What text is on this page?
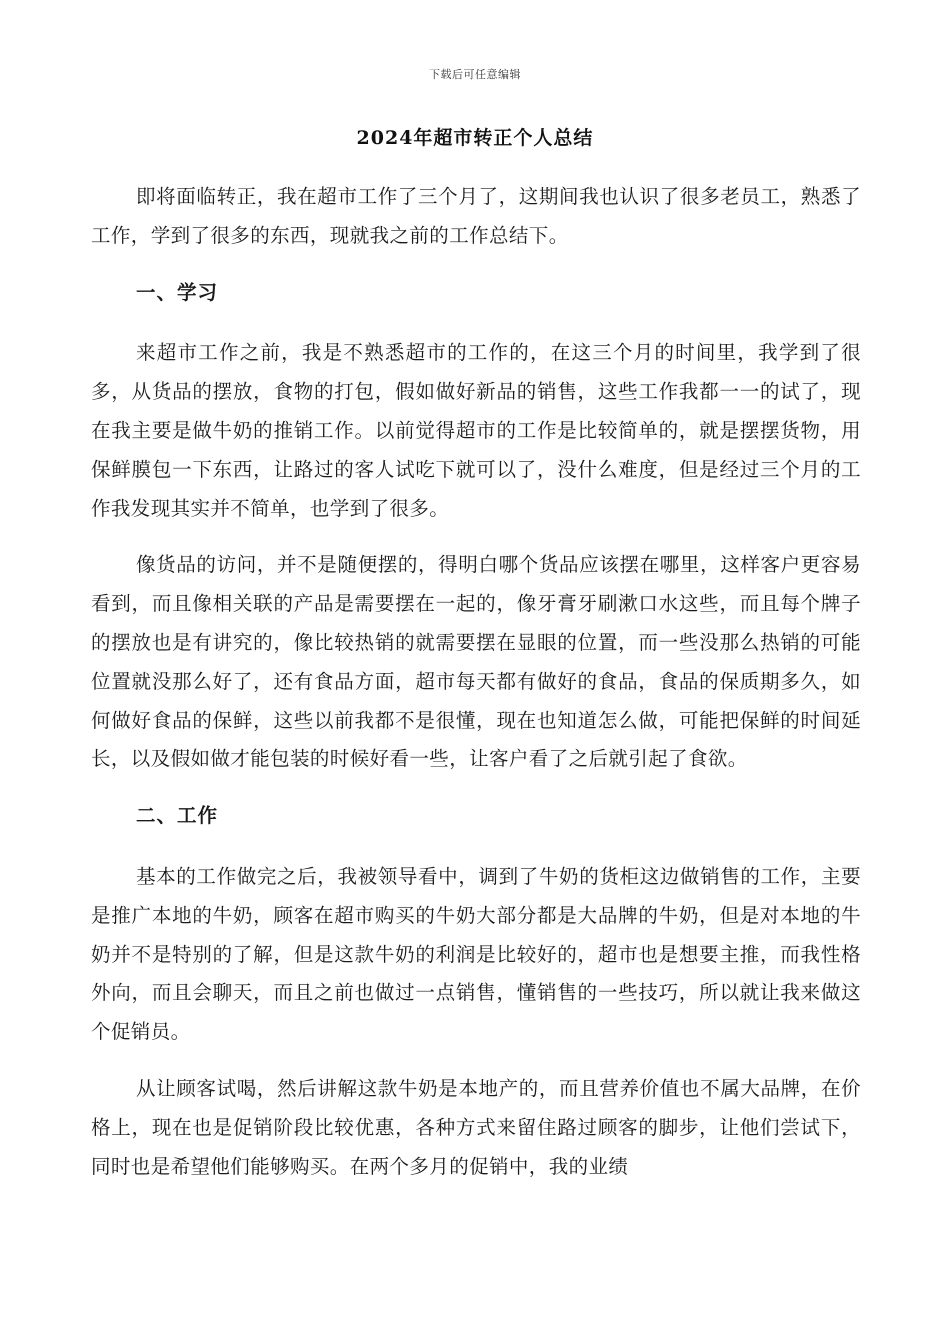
下载后可任意编辑
2024年超市转正个人总结

即将面临转正，我在超市工作了三个月了，这期间我也认识了很多老员工，熟悉了工作，学到了很多的东西，现就我之前的工作总结下。

一、学习

来超市工作之前，我是不熟悉超市的工作的，在这三个月的时间里，我学到了很多，从货品的摆放，食物的打包，假如做好新品的销售，这些工作我都一一的试了，现在我主要是做牛奶的推销工作。以前觉得超市的工作是比较简单的，就是摆摆货物，用保鲜膜包一下东西，让路过的客人试吃下就可以了，没什么难度，但是经过三个月的工作我发现其实并不简单，也学到了很多。

像货品的访问，并不是随便摆的，得明白哪个货品应该摆在哪里，这样客户更容易看到，而且像相关联的产品是需要摆在一起的，像牙膏牙刷漱口水这些，而且每个牌子的摆放也是有讲究的，像比较热销的就需要摆在显眼的位置，而一些没那么热销的可能位置就没那么好了，还有食品方面，超市每天都有做好的食品，食品的保质期多久，如何做好食品的保鲜，这些以前我都不是很懂，现在也知道怎么做，可能把保鲜的时间延长，以及假如做才能包装的时候好看一些，让客户看了之后就引起了食欲。

二、工作

基本的工作做完之后，我被领导看中，调到了牛奶的货柜这边做销售的工作，主要是推广本地的牛奶，顾客在超市购买的牛奶大部分都是大品牌的牛奶，但是对本地的牛奶并不是特别的了解，但是这款牛奶的利润是比较好的，超市也是想要主推，而我性格外向，而且会聊天，而且之前也做过一点销售，懂销售的一些技巧，所以就让我来做这个促销员。

从让顾客试喝，然后讲解这款牛奶是本地产的，而且营养价值也不属大品牌，在价格上，现在也是促销阶段比较优惠，各种方式来留住路过顾客的脚步，让他们尝试下，同时也是希望他们能够购买。在两个多月的促销中，我的业绩
